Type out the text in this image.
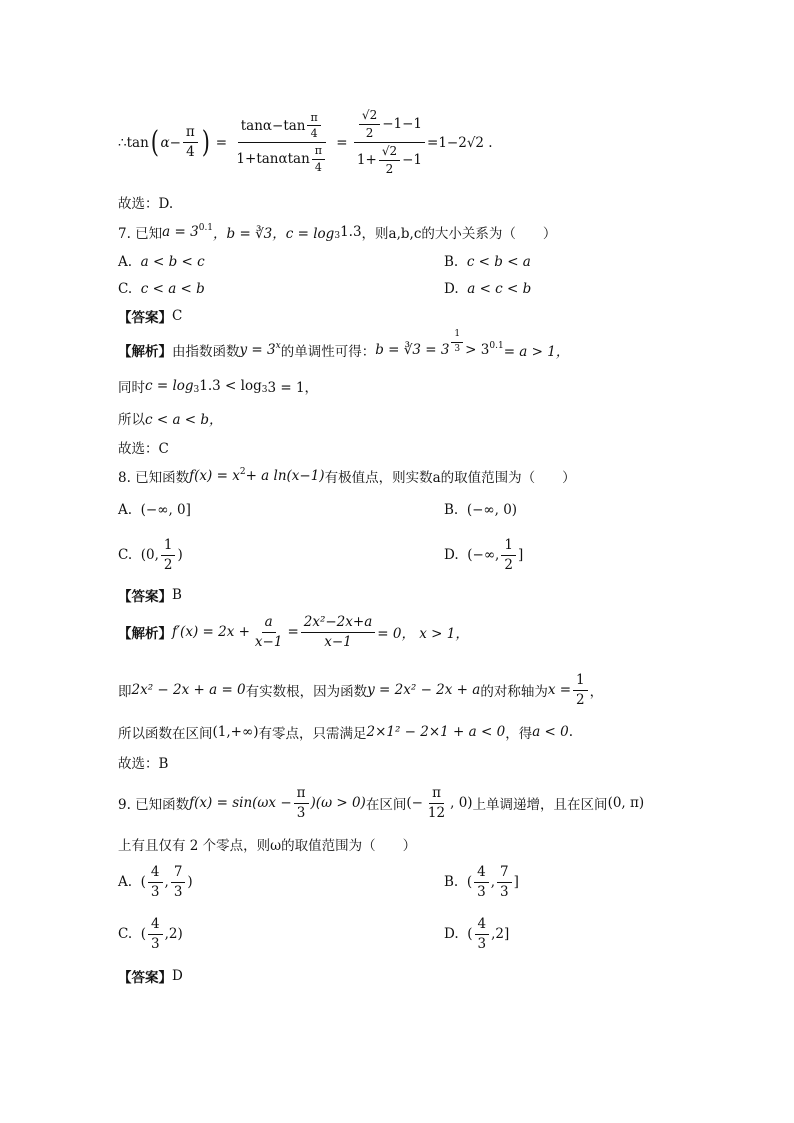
∴tan ( $\alpha- \frac{\pi}{4}$ ) = $\frac{\tan\alpha-\tan \frac{\pi}{4}}{1+\tan\alpha\tan \frac{\pi}{4}} = \frac{\frac{√2}{2} -1-1}{1+ \frac{√2}{2} -1} =1-2√2$ .
故选：D.
7. 已知 $a = 3^{0.1}$ ，b = ∛3 ，$c = \log_3 1.3$ ，则a,b,c的大小关系为（　　）
A.
a < b < c	B.
c < b < a
C.
c < a < b	D.
a < c < b
【答案】 C
【解析】 由指数函数 $y = 3^x$ 的单调性可得： b = ∛3 = $3 \frac{1}{3} > 3^{0.1} = a > 1$，
同时 $c = \log_3 1.3 < \log_3 3 = 1$，
所以 c < a < b，
故选：C
8. 已知函数 $f(x) = x^2 + a$ ln(x−1) 有极值点，则实数a的取值范围为（　　）
A.
(−∞, 0]	B.
(−∞, 0)
C.
(0, $\frac{1}{2}$ )	D.
(−∞, $\frac{1}{2}$ ]
【答案】 B
【解析】 $f'(x) = 2x + \frac{a}{x-1} = \frac{\text{2x²−2x+a}}{x-1} = 0$， x > 1，
即 2x² − 2x + a = 0 有实数根，因为函数 y = 2x² − 2x + a 的对称轴为 $x = \frac{1}{2}$ ，
所以函数在区间 (1,+∞) 有零点，只需满足 2×1² − 2×1 + a < 0 ，得 a < 0 .
故选：B
9. 已知函数 $f(x) = \sin(\omega x - \frac{\pi}{3} )(\omega > 0)$ 在区间 (− $\frac{\pi}{12}$ , 0) 上单调递增，且在区间 (0, π)
上有且仅有 2 个零点，则ω的取值范围为（　　）
A.
( $\frac{4}{3}$ , $\frac{7}{3}$ )	B.
( $\frac{4}{3}$ , $\frac{7}{3}$ ]
C.
( $\frac{4}{3} ,2$ )	D.
( $\frac{4}{3} ,2$ ]
【答案】 D
